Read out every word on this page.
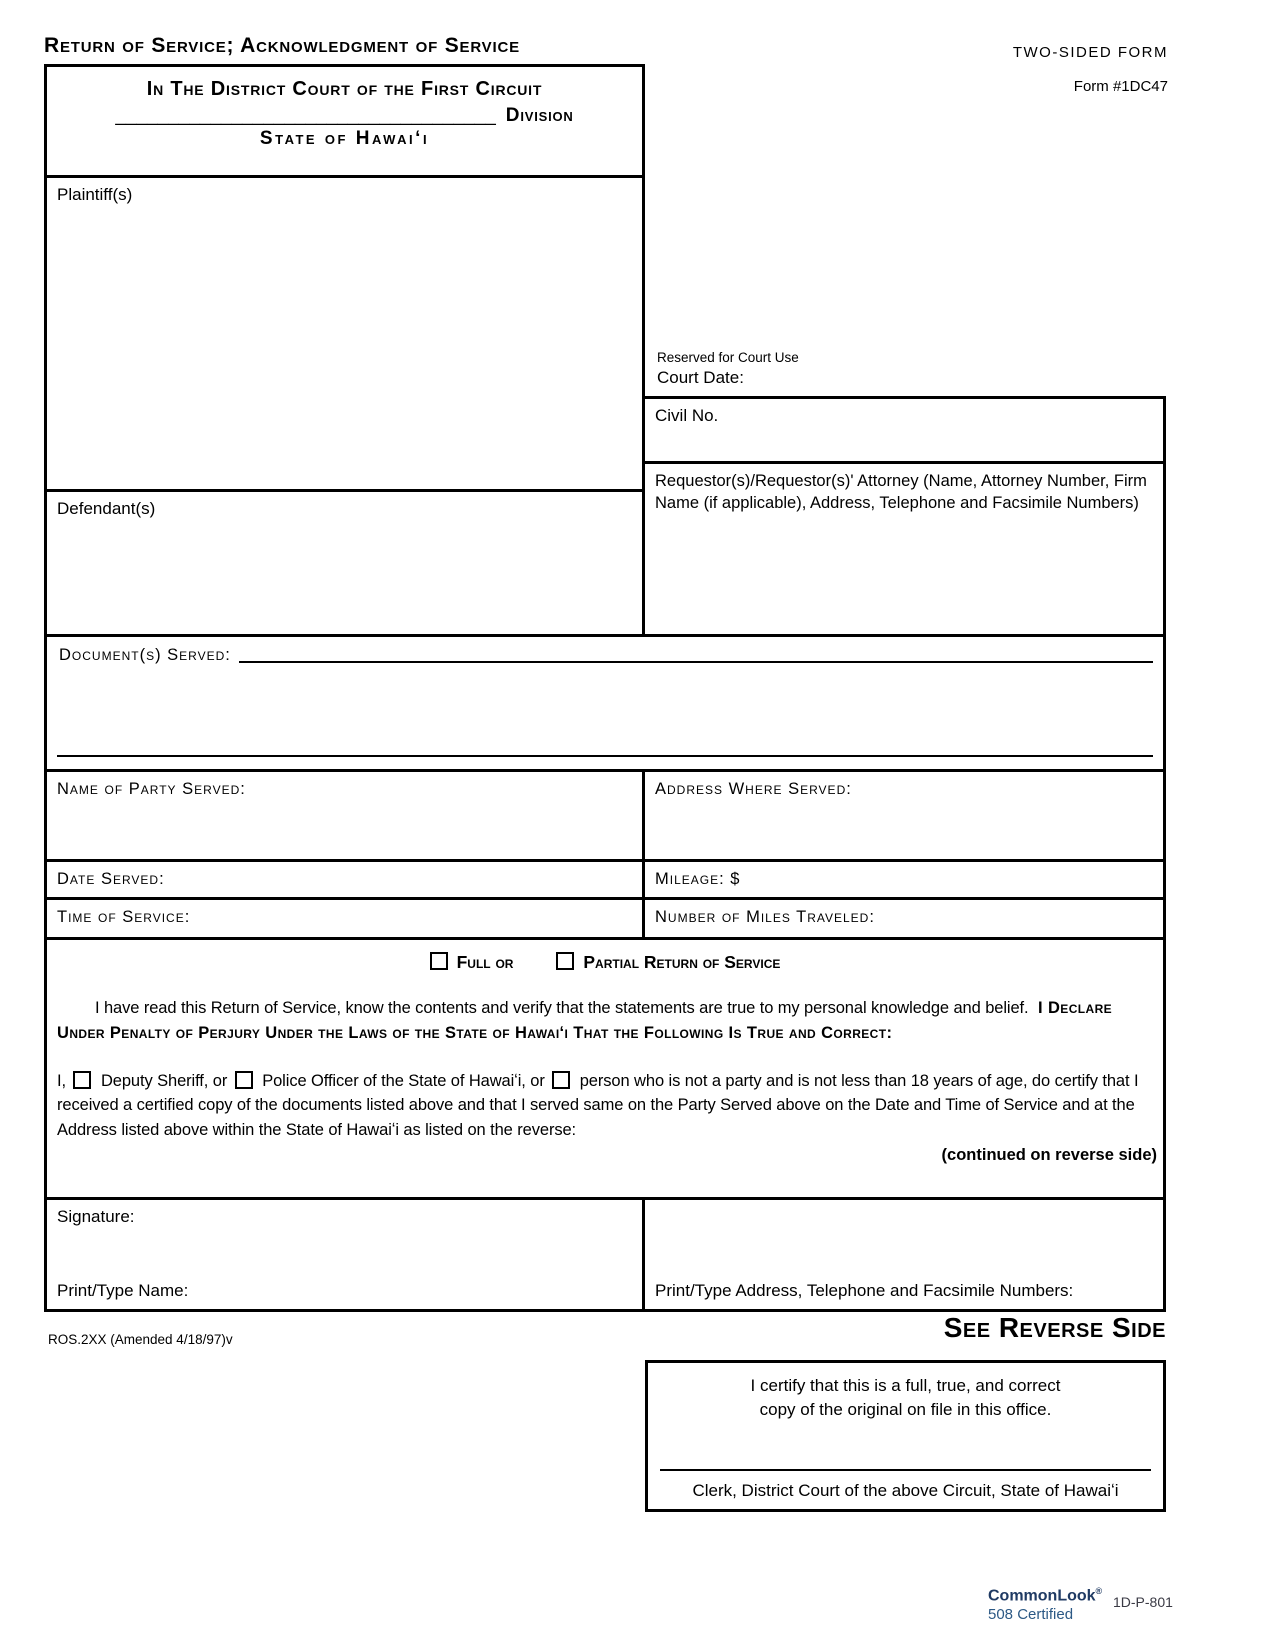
Return of Service; Acknowledgment of Service	TWO-SIDED FORM
Form #1DC47
In The District Court of the First Circuit
____________________________________ Division
State of Hawaiʻi
Plaintiff(s)
Defendant(s)
Reserved for Court Use
Court Date:
Civil No.
Requestor(s)/Requestor(s)' Attorney (Name, Attorney Number, Firm Name (if applicable), Address, Telephone and Facsimile Numbers)
Document(s) Served:
Name of Party Served:	Address Where Served:
Date Served:	Mileage: $
Time of Service:	Number of Miles Traveled:
Full or	Partial Return of Service

I have read this Return of Service, know the contents and verify that the statements are true to my personal knowledge and belief. I Declare Under Penalty of Perjury Under the Laws of the State of Hawaiʻi That the Following Is True and Correct:

I, Deputy Sheriff, or Police Officer of the State of Hawaiʻi, or person who is not a party and is not less than 18 years of age, do certify that I received a certified copy of the documents listed above and that I served same on the Party Served above on the Date and Time of Service and at the Address listed above within the State of Hawaiʻi as listed on the reverse:

(continued on reverse side)
Signature:
Print/Type Name:	Print/Type Address, Telephone and Facsimile Numbers:
ROS.2XX (Amended 4/18/97)v	See Reverse Side
I certify that this is a full, true, and correct
copy of the original on file in this office.
Clerk, District Court of the above Circuit, State of Hawaiʻi
CommonLook®
508 Certified
1D-P-801
